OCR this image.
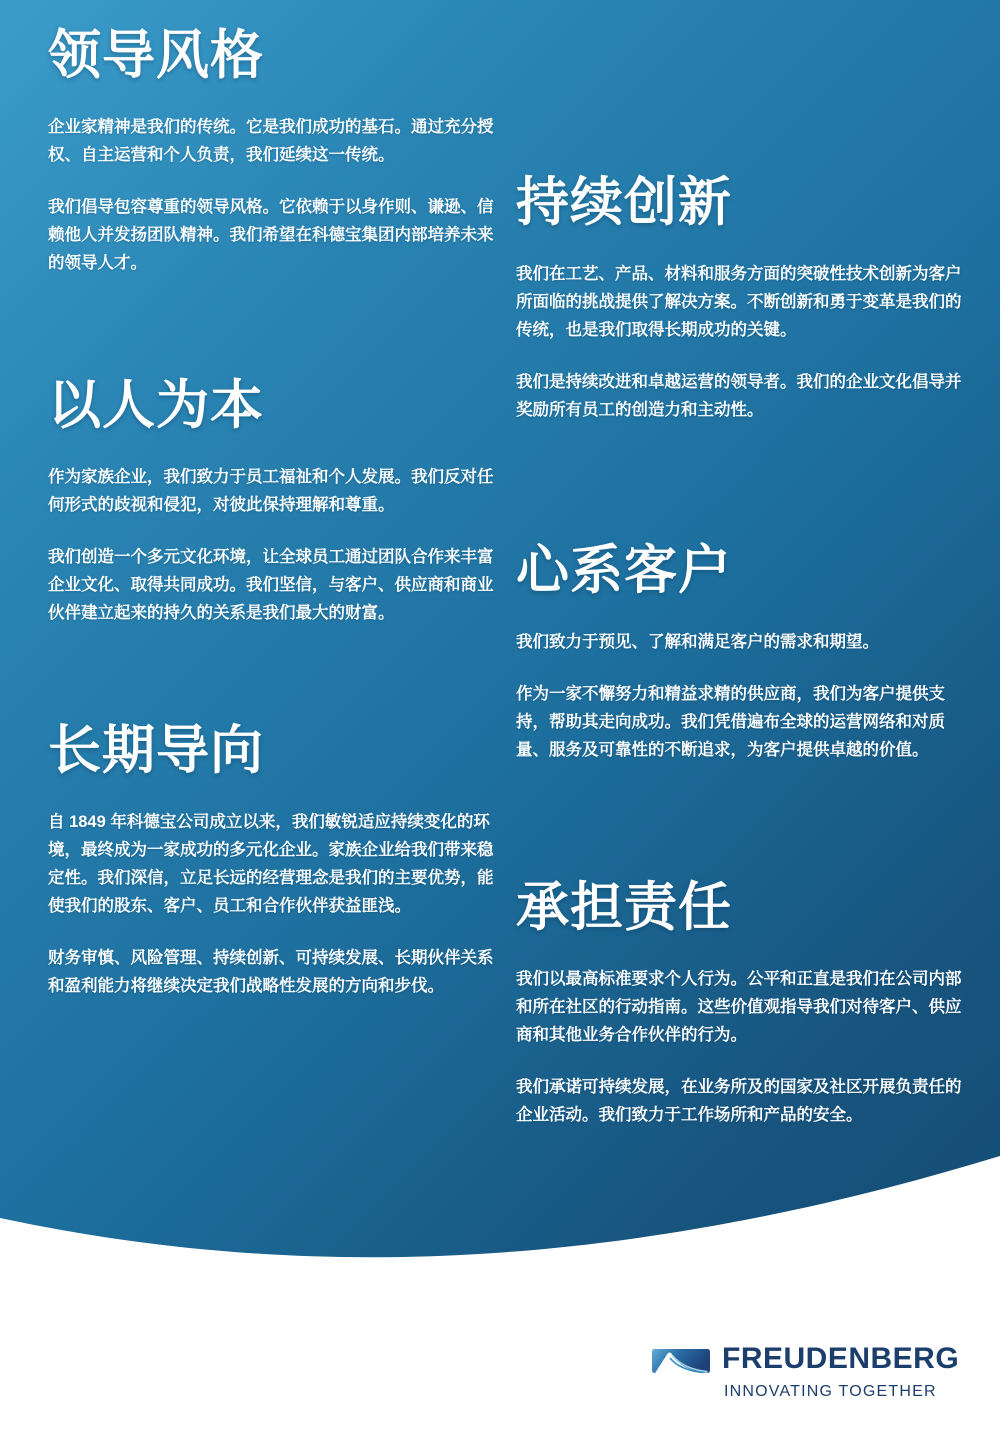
领导风格

企业家精神是我们的传统。它是我们成功的基石。通过充分授权、自主运营和个人负责，我们延续这一传统。

我们倡导包容尊重的领导风格。它依赖于以身作则、谦逊、信赖他人并发扬团队精神。我们希望在科德宝集团内部培养未来的领导人才。

以人为本

作为家族企业，我们致力于员工福祉和个人发展。我们反对任何形式的歧视和侵犯，对彼此保持理解和尊重。

我们创造一个多元文化环境，让全球员工通过团队合作来丰富企业文化、取得共同成功。我们坚信，与客户、供应商和商业伙伴建立起来的持久的关系是我们最大的财富。

长期导向

自 1849 年科德宝公司成立以来，我们敏锐适应持续变化的环境，最终成为一家成功的多元化企业。家族企业给我们带来稳定性。我们深信，立足长远的经营理念是我们的主要优势，能使我们的股东、客户、员工和合作伙伴获益匪浅。

财务审慎、风险管理、持续创新、可持续发展、长期伙伴关系和盈利能力将继续决定我们战略性发展的方向和步伐。

持续创新

我们在工艺、产品、材料和服务方面的突破性技术创新为客户所面临的挑战提供了解决方案。不断创新和勇于变革是我们的传统，也是我们取得长期成功的关键。

我们是持续改进和卓越运营的领导者。我们的企业文化倡导并奖励所有员工的创造力和主动性。

心系客户

我们致力于预见、了解和满足客户的需求和期望。

作为一家不懈努力和精益求精的供应商，我们为客户提供支持，帮助其走向成功。我们凭借遍布全球的运营网络和对质量、服务及可靠性的不断追求，为客户提供卓越的价值。

承担责任

我们以最高标准要求个人行为。公平和正直是我们在公司内部和所在社区的行动指南。这些价值观指导我们对待客户、供应商和其他业务合作伙伴的行为。

我们承诺可持续发展，在业务所及的国家及社区开展负责任的企业活动。我们致力于工作场所和产品的安全。

FREUDENBERG
INNOVATING TOGETHER
